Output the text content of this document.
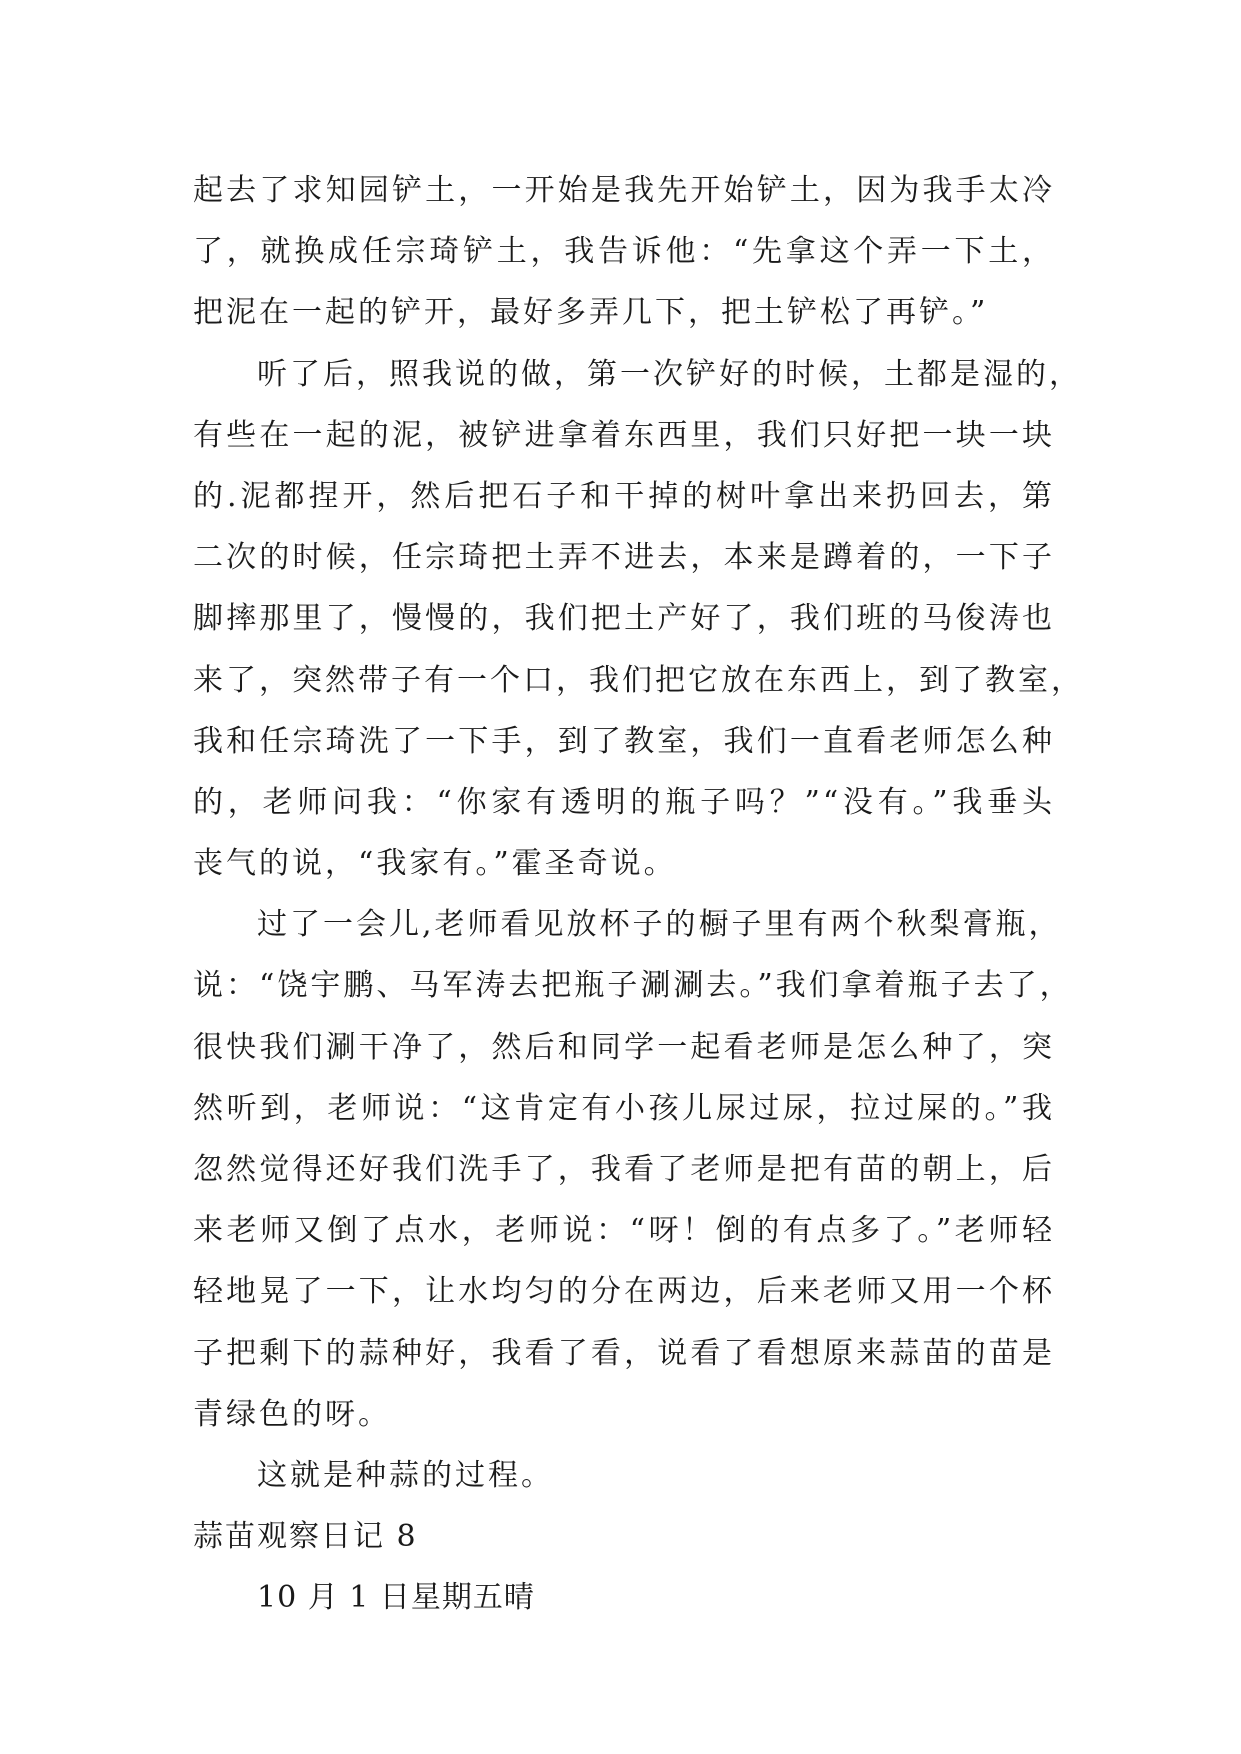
起去了求知园铲土，一开始是我先开始铲土，因为我手太冷
了，就换成任宗琦铲土，我告诉他：“先拿这个弄一下土，
把泥在一起的铲开，最好多弄几下，把土铲松了再铲。”
听了后，照我说的做，第一次铲好的时候，土都是湿的，
有些在一起的泥，被铲进拿着东西里，我们只好把一块一块
的.泥都捏开，然后把石子和干掉的树叶拿出来扔回去，第
二次的时候，任宗琦把土弄不进去，本来是蹲着的，一下子
脚摔那里了，慢慢的，我们把土产好了，我们班的马俊涛也
来了，突然带子有一个口，我们把它放在东西上，到了教室，
我和任宗琦洗了一下手，到了教室，我们一直看老师怎么种
的，老师问我：“你家有透明的瓶子吗？”“没有。”我垂头
丧气的说，“我家有。”霍圣奇说。
过了一会儿,老师看见放杯子的橱子里有两个秋梨膏瓶，
说：“饶宇鹏、马军涛去把瓶子涮涮去。”我们拿着瓶子去了，
很快我们涮干净了，然后和同学一起看老师是怎么种了，突
然听到，老师说：“这肯定有小孩儿尿过尿，拉过屎的。”我
忽然觉得还好我们洗手了，我看了老师是把有苗的朝上，后
来老师又倒了点水，老师说：“呀！倒的有点多了。”老师轻
轻地晃了一下，让水均匀的分在两边，后来老师又用一个杯
子把剩下的蒜种好，我看了看，说看了看想原来蒜苗的苗是
青绿色的呀。
这就是种蒜的过程。
蒜苗观察日记 8
10 月 1 日星期五晴
